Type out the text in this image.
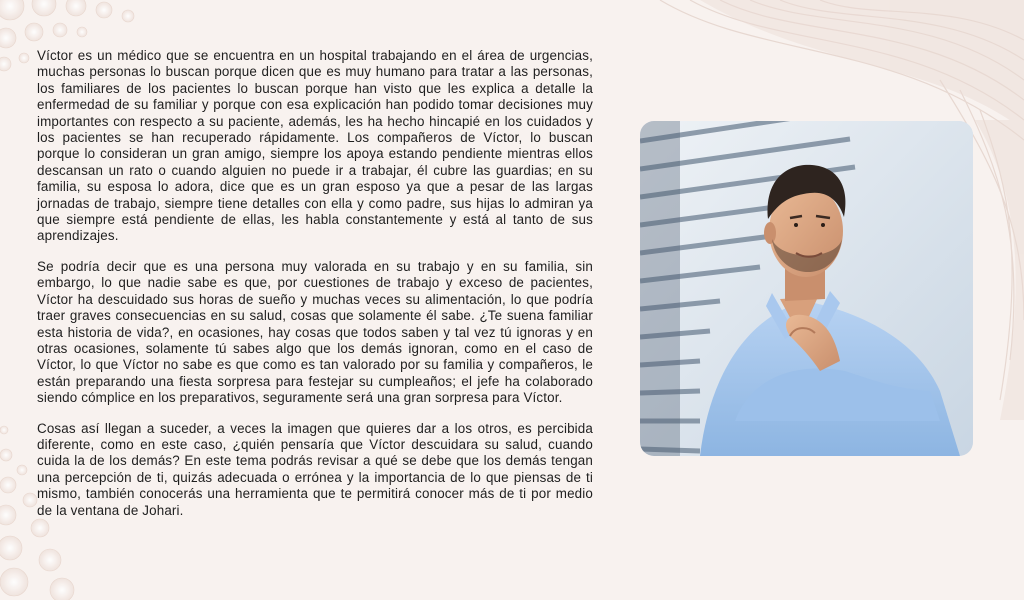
Víctor es un médico que se encuentra en un hospital trabajando en el área de urgencias, muchas personas lo buscan porque dicen que es muy humano para tratar a las personas, los familiares de los pacientes lo buscan porque han visto que les explica a detalle la enfermedad de su familiar y porque con esa explicación han podido tomar decisiones muy importantes con respecto a su paciente, además, les ha hecho hincapié en los cuidados y los pacientes se han recuperado rápidamente. Los compañeros de Víctor, lo buscan porque lo consideran un gran amigo, siempre los apoya estando pendiente mientras ellos descansan un rato o cuando alguien no puede ir a trabajar, él cubre las guardias; en su familia, su esposa lo adora, dice que es un gran esposo ya que a pesar de las largas jornadas de trabajo, siempre tiene detalles con ella y como padre, sus hijas lo admiran ya que siempre está pendiente de ellas, les habla constantemente y está al tanto de sus aprendizajes.

Se podría decir que es una persona muy valorada en su trabajo y en su familia, sin embargo, lo que nadie sabe es que, por cuestiones de trabajo y exceso de pacientes, Víctor ha descuidado sus horas de sueño y muchas veces su alimentación, lo que podría traer graves consecuencias en su salud, cosas que solamente él sabe. ¿Te suena familiar esta historia de vida?, en ocasiones, hay cosas que todos saben y tal vez tú ignoras y en otras ocasiones, solamente tú sabes algo que los demás ignoran, como en el caso de Víctor, lo que Víctor no sabe es que como es tan valorado por su familia y compañeros, le están preparando una fiesta sorpresa para festejar su cumpleaños; el jefe ha colaborado siendo cómplice en los preparativos, seguramente será una gran sorpresa para Víctor.

Cosas así llegan a suceder, a veces la imagen que quieres dar a los otros, es percibida diferente, como en este caso, ¿quién pensaría que Víctor descuidara su salud, cuando cuida la de los demás? En este tema podrás revisar a qué se debe que los demás tengan una percepción de ti, quizás adecuada o errónea y la importancia de lo que piensas de ti mismo, también conocerás una herramienta que te permitirá conocer más de ti por medio de la ventana de Johari.
